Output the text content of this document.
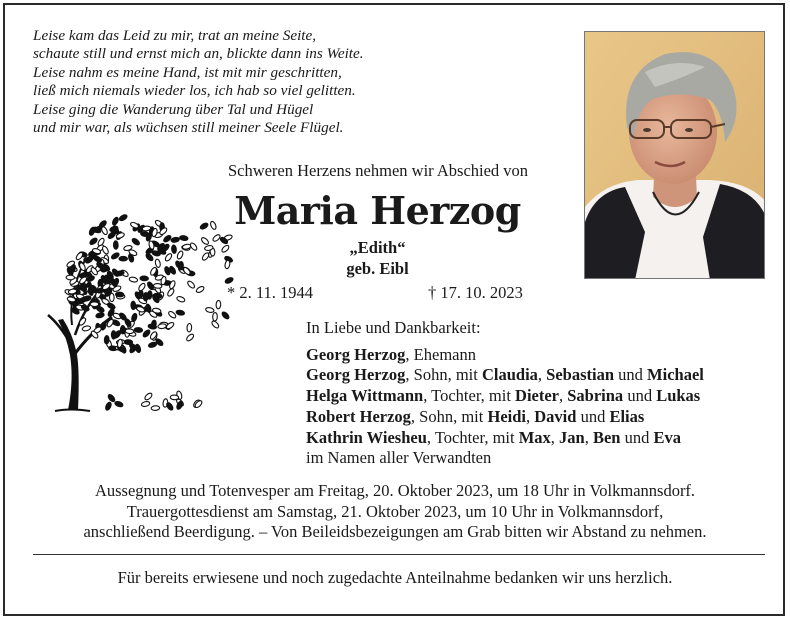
Leise kam das Leid zu mir, trat an meine Seite,
schaute still und ernst mich an, blickte dann ins Weite.
Leise nahm es meine Hand, ist mit mir geschritten,
ließ mich niemals wieder los, ich hab so viel gelitten.
Leise ging die Wanderung über Tal und Hügel
und mir war, als wüchsen still meiner Seele Flügel.
Schweren Herzens nehmen wir Abschied von
Maria Herzog
„Edith“
geb. Eibl
* 2. 11. 1944	† 17. 10. 2023
In Liebe und Dankbarkeit:
Georg Herzog, Ehemann
Georg Herzog, Sohn, mit Claudia, Sebastian und Michael
Helga Wittmann, Tochter, mit Dieter, Sabrina und Lukas
Robert Herzog, Sohn, mit Heidi, David und Elias
Kathrin Wiesheu, Tochter, mit Max, Jan, Ben und Eva
im Namen aller Verwandten
Aussegnung und Totenvesper am Freitag, 20. Oktober 2023, um 18 Uhr in Volkmannsdorf.
Trauergottesdienst am Samstag, 21. Oktober 2023, um 10 Uhr in Volkmannsdorf,
anschließend Beerdigung. – Von Beileidsbezeigungen am Grab bitten wir Abstand zu nehmen.
Für bereits erwiesene und noch zugedachte Anteilnahme bedanken wir uns herzlich.
